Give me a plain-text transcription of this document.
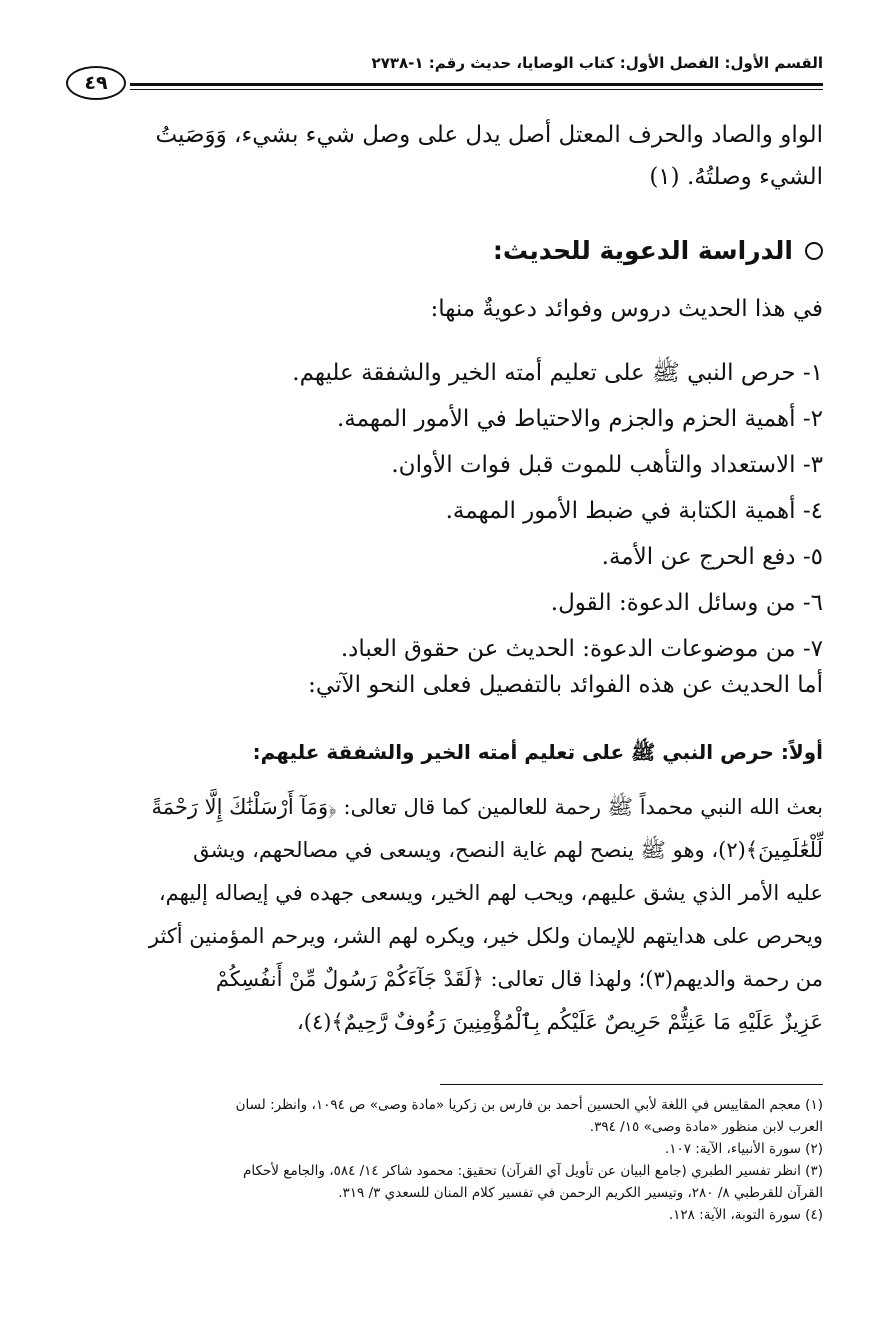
القسم الأول: الفصل الأول: كتاب الوصايا، حديث رقم: ١-٢٧٣٨
٤٩
الواو والصاد والحرف المعتل أصل يدل على وصل شيء بشيء، وَوَصَيتُ
الشيء وصلتُهُ. (١)
الدراسة الدعوية للحديث:
في هذا الحديث دروس وفوائد دعويةٌ منها:
١- حرص النبي ﷺ على تعليم أمته الخير والشفقة عليهم.
٢- أهمية الحزم والجزم والاحتياط في الأمور المهمة.
٣- الاستعداد والتأهب للموت قبل فوات الأوان.
٤- أهمية الكتابة في ضبط الأمور المهمة.
٥- دفع الحرج عن الأمة.
٦- من وسائل الدعوة: القول.
٧- من موضوعات الدعوة: الحديث عن حقوق العباد.
أما الحديث عن هذه الفوائد بالتفصيل فعلى النحو الآتي:
أولاً: حرص النبي ﷺ على تعليم أمته الخير والشفقة عليهم:
بعث الله النبي محمداً ﷺ رحمة للعالمين كما قال تعالى: ﴿وَمَآ أَرْسَلْنَٰكَ إِلَّا رَحْمَةً
لِّلْعَٰلَمِينَ﴾(٢)، وهو ﷺ ينصح لهم غاية النصح، ويسعى في مصالحهم، ويشق
عليه الأمر الذي يشق عليهم، ويحب لهم الخير، ويسعى جهده في إيصاله إليهم،
ويحرص على هدايتهم للإيمان ولكل خير، ويكره لهم الشر، ويرحم المؤمنين أكثر
من رحمة والديهم(٣)؛ ولهذا قال تعالى: ﴿لَقَدْ جَآءَكُمْ رَسُولٌ مِّنْ أَنفُسِكُمْ
عَزِيزٌ عَلَيْهِ مَا عَنِتُّمْ حَرِيصٌ عَلَيْكُم بِٱلْمُؤْمِنِينَ رَءُوفٌ رَّحِيمٌ﴾(٤)،
(١) معجم المقاييس في اللغة لأبي الحسين أحمد بن فارس بن زكريا «مادة وصى» ص ١٠٩٤، وانظر: لسان
العرب لابن منظور «مادة وصى» ١٥/ ٣٩٤.
(٢) سورة الأنبياء، الآية: ١٠٧.
(٣) انظر تفسير الطبري (جامع البيان عن تأويل آي القرآن) تحقيق: محمود شاكر ١٤/ ٥٨٤، والجامع لأحكام
القرآن للقرطبي ٨/ ٢٨٠، وتيسير الكريم الرحمن في تفسير كلام المنان للسعدي ٣/ ٣١٩.
(٤) سورة التوبة، الآية: ١٢٨.
